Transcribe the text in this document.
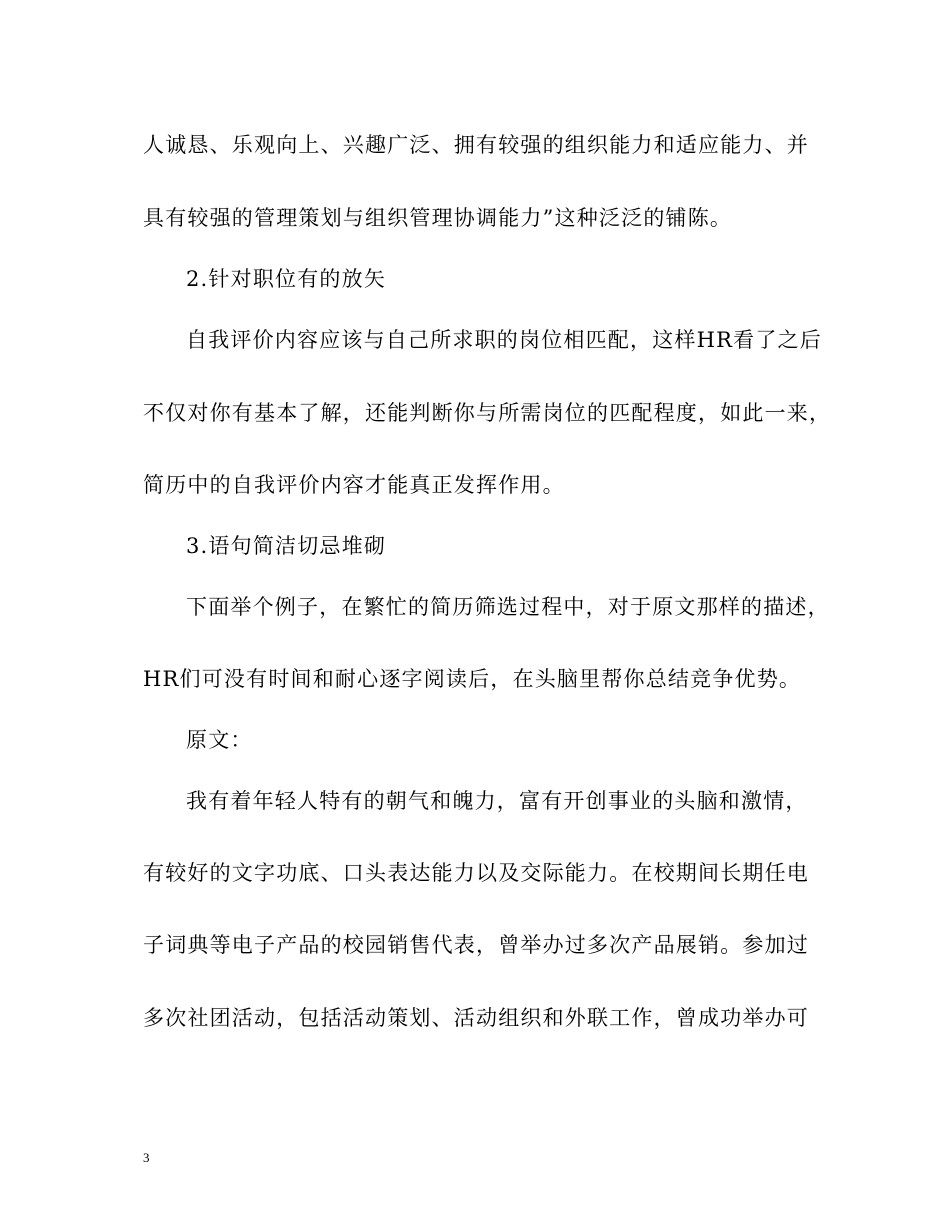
人诚恳、乐观向上、兴趣广泛、拥有较强的组织能力和适应能力、并
具有较强的管理策划与组织管理协调能力”这种泛泛的铺陈。
2.针对职位有的放矢
自我评价内容应该与自己所求职的岗位相匹配，这样HR看了之后
不仅对你有基本了解，还能判断你与所需岗位的匹配程度，如此一来，
简历中的自我评价内容才能真正发挥作用。
3.语句简洁切忌堆砌
下面举个例子，在繁忙的简历筛选过程中，对于原文那样的描述，
HR们可没有时间和耐心逐字阅读后，在头脑里帮你总结竞争优势。
原文：
我有着年轻人特有的朝气和魄力，富有开创事业的头脑和激情，
有较好的文字功底、口头表达能力以及交际能力。在校期间长期任电
子词典等电子产品的校园销售代表，曾举办过多次产品展销。参加过
多次社团活动，包括活动策划、活动组织和外联工作，曾成功举办可
3
